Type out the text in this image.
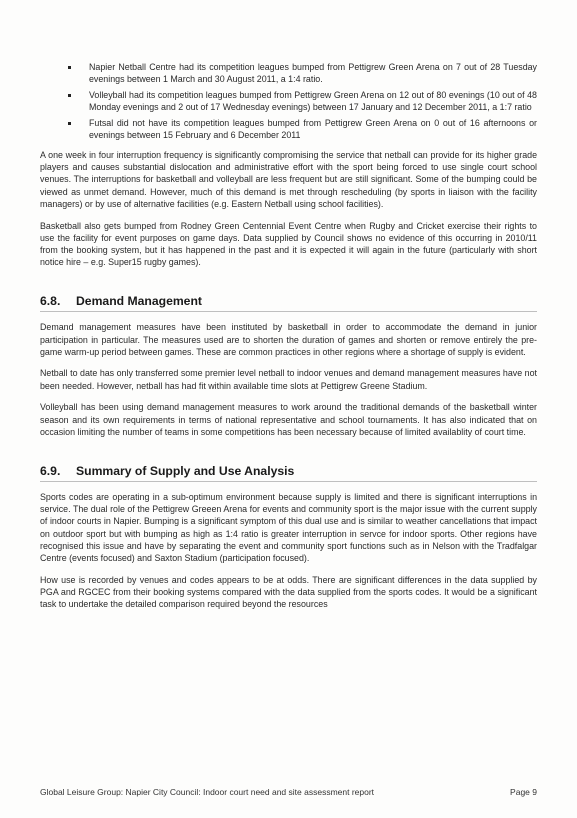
Napier Netball Centre had its competition leagues bumped from Pettigrew Green Arena on 7 out of 28 Tuesday evenings between 1 March and 30 August 2011, a 1:4 ratio.
Volleyball had its competition leagues bumped from Pettigrew Green Arena on 12 out of 80 evenings (10 out of 48 Monday evenings and 2 out of 17 Wednesday evenings) between 17 January and 12 December 2011, a 1:7 ratio
Futsal did not have its competition leagues bumped from Pettigrew Green Arena on 0 out of 16 afternoons or evenings between 15 February and 6 December 2011

A one week in four interruption frequency is significantly compromising the service that netball can provide for its higher grade players and causes substantial dislocation and administrative effort with the sport being forced to use single court school venues. The interruptions for basketball and volleyball are less frequent but are still significant. Some of the bumping could be viewed as unmet demand. However, much of this demand is met through rescheduling (by sports in liaison with the facility managers) or by use of alternative facilities (e.g. Eastern Netball using school facilities).

Basketball also gets bumped from Rodney Green Centennial Event Centre when Rugby and Cricket exercise their rights to use the facility for event purposes on game days. Data supplied by Council shows no evidence of this occurring in 2010/11 from the booking system, but it has happened in the past and it is expected it will again in the future (particularly with short notice hire – e.g. Super15 rugby games).

6.8. Demand Management

Demand management measures have been instituted by basketball in order to accommodate the demand in junior participation in particular. The measures used are to shorten the duration of games and shorten or remove entirely the pre-game warm-up period between games. These are common practices in other regions where a shortage of supply is evident.

Netball to date has only transferred some premier level netball to indoor venues and demand management measures have not been needed. However, netball has had fit within available time slots at Pettigrew Greene Stadium.

Volleyball has been using demand management measures to work around the traditional demands of the basketball winter season and its own requirements in terms of national representative and school tournaments. It has also indicated that on occasion limiting the number of teams in some competitions has been necessary because of limited availablity of court time.

6.9. Summary of Supply and Use Analysis

Sports codes are operating in a sub-optimum environment because supply is limited and there is significant interruptions in service. The dual role of the Pettigrew Greeen Arena for events and community sport is the major issue with the current supply of indoor courts in Napier. Bumping is a significant symptom of this dual use and is similar to weather cancellations that impact on outdoor sport but with bumping as high as 1:4 ratio is greater interruption in servce for indoor sports. Other regions have recognised this issue and have by separating the event and community sport functions such as in Nelson with the Tradfalgar Centre (events focused) and Saxton Stadium (participation focused).

How use is recorded by venues and codes appears to be at odds. There are significant differences in the data supplied by PGA and RGCEC from their booking systems compared with the data supplied from the sports codes. It would be a significant task to undertake the detailed comparison required beyond the resources

Global Leisure Group: Napier City Council: Indoor court need and site assessment report	Page 9
